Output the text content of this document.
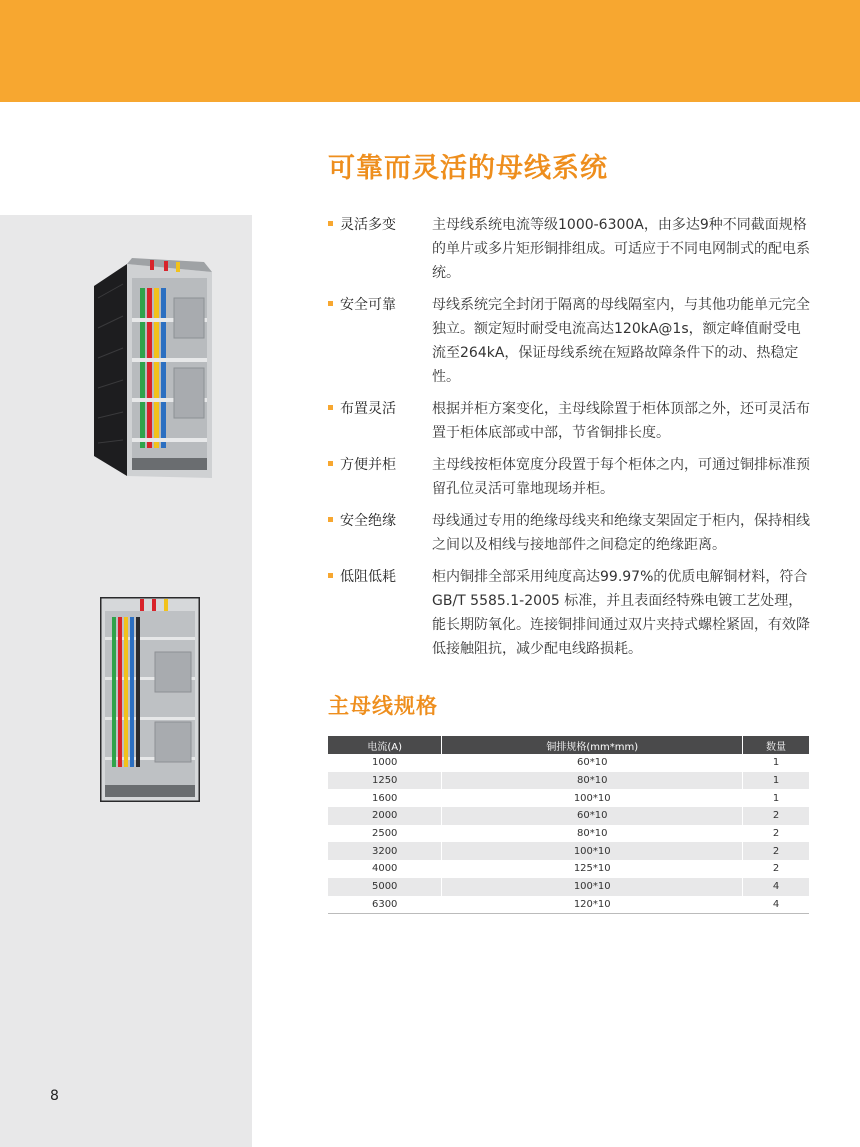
可靠而灵活的母线系统
灵活多变	主母线系统电流等级1000-6300A，由多达9种不同截面规格的单片或多片矩形铜排组成。可适应于不同电网制式的配电系统。
安全可靠	母线系统完全封闭于隔离的母线隔室内，与其他功能单元完全独立。额定短时耐受电流高达120kA@1s，额定峰值耐受电流至264kA，保证母线系统在短路故障条件下的动、热稳定性。
布置灵活	根据并柜方案变化，主母线除置于柜体顶部之外，还可灵活布置于柜体底部或中部，节省铜排长度。
方便并柜	主母线按柜体宽度分段置于每个柜体之内，可通过铜排标准预留孔位灵活可靠地现场并柜。
安全绝缘	母线通过专用的绝缘母线夹和绝缘支架固定于柜内，保持相线之间以及相线与接地部件之间稳定的绝缘距离。
低阻低耗	柜内铜排全部采用纯度高达99.97%的优质电解铜材料，符合GB/T 5585.1-2005 标准，并且表面经特殊电镀工艺处理，能长期防氧化。连接铜排间通过双片夹持式螺栓紧固，有效降低接触阻抗，减少配电线路损耗。
主母线规格
电流(A)	铜排规格(mm*mm)	数量
1000	60*10	1
1250	80*10	1
1600	100*10	1
2000	60*10	2
2500	80*10	2
3200	100*10	2
4000	125*10	2
5000	100*10	4
6300	120*10	4
8
